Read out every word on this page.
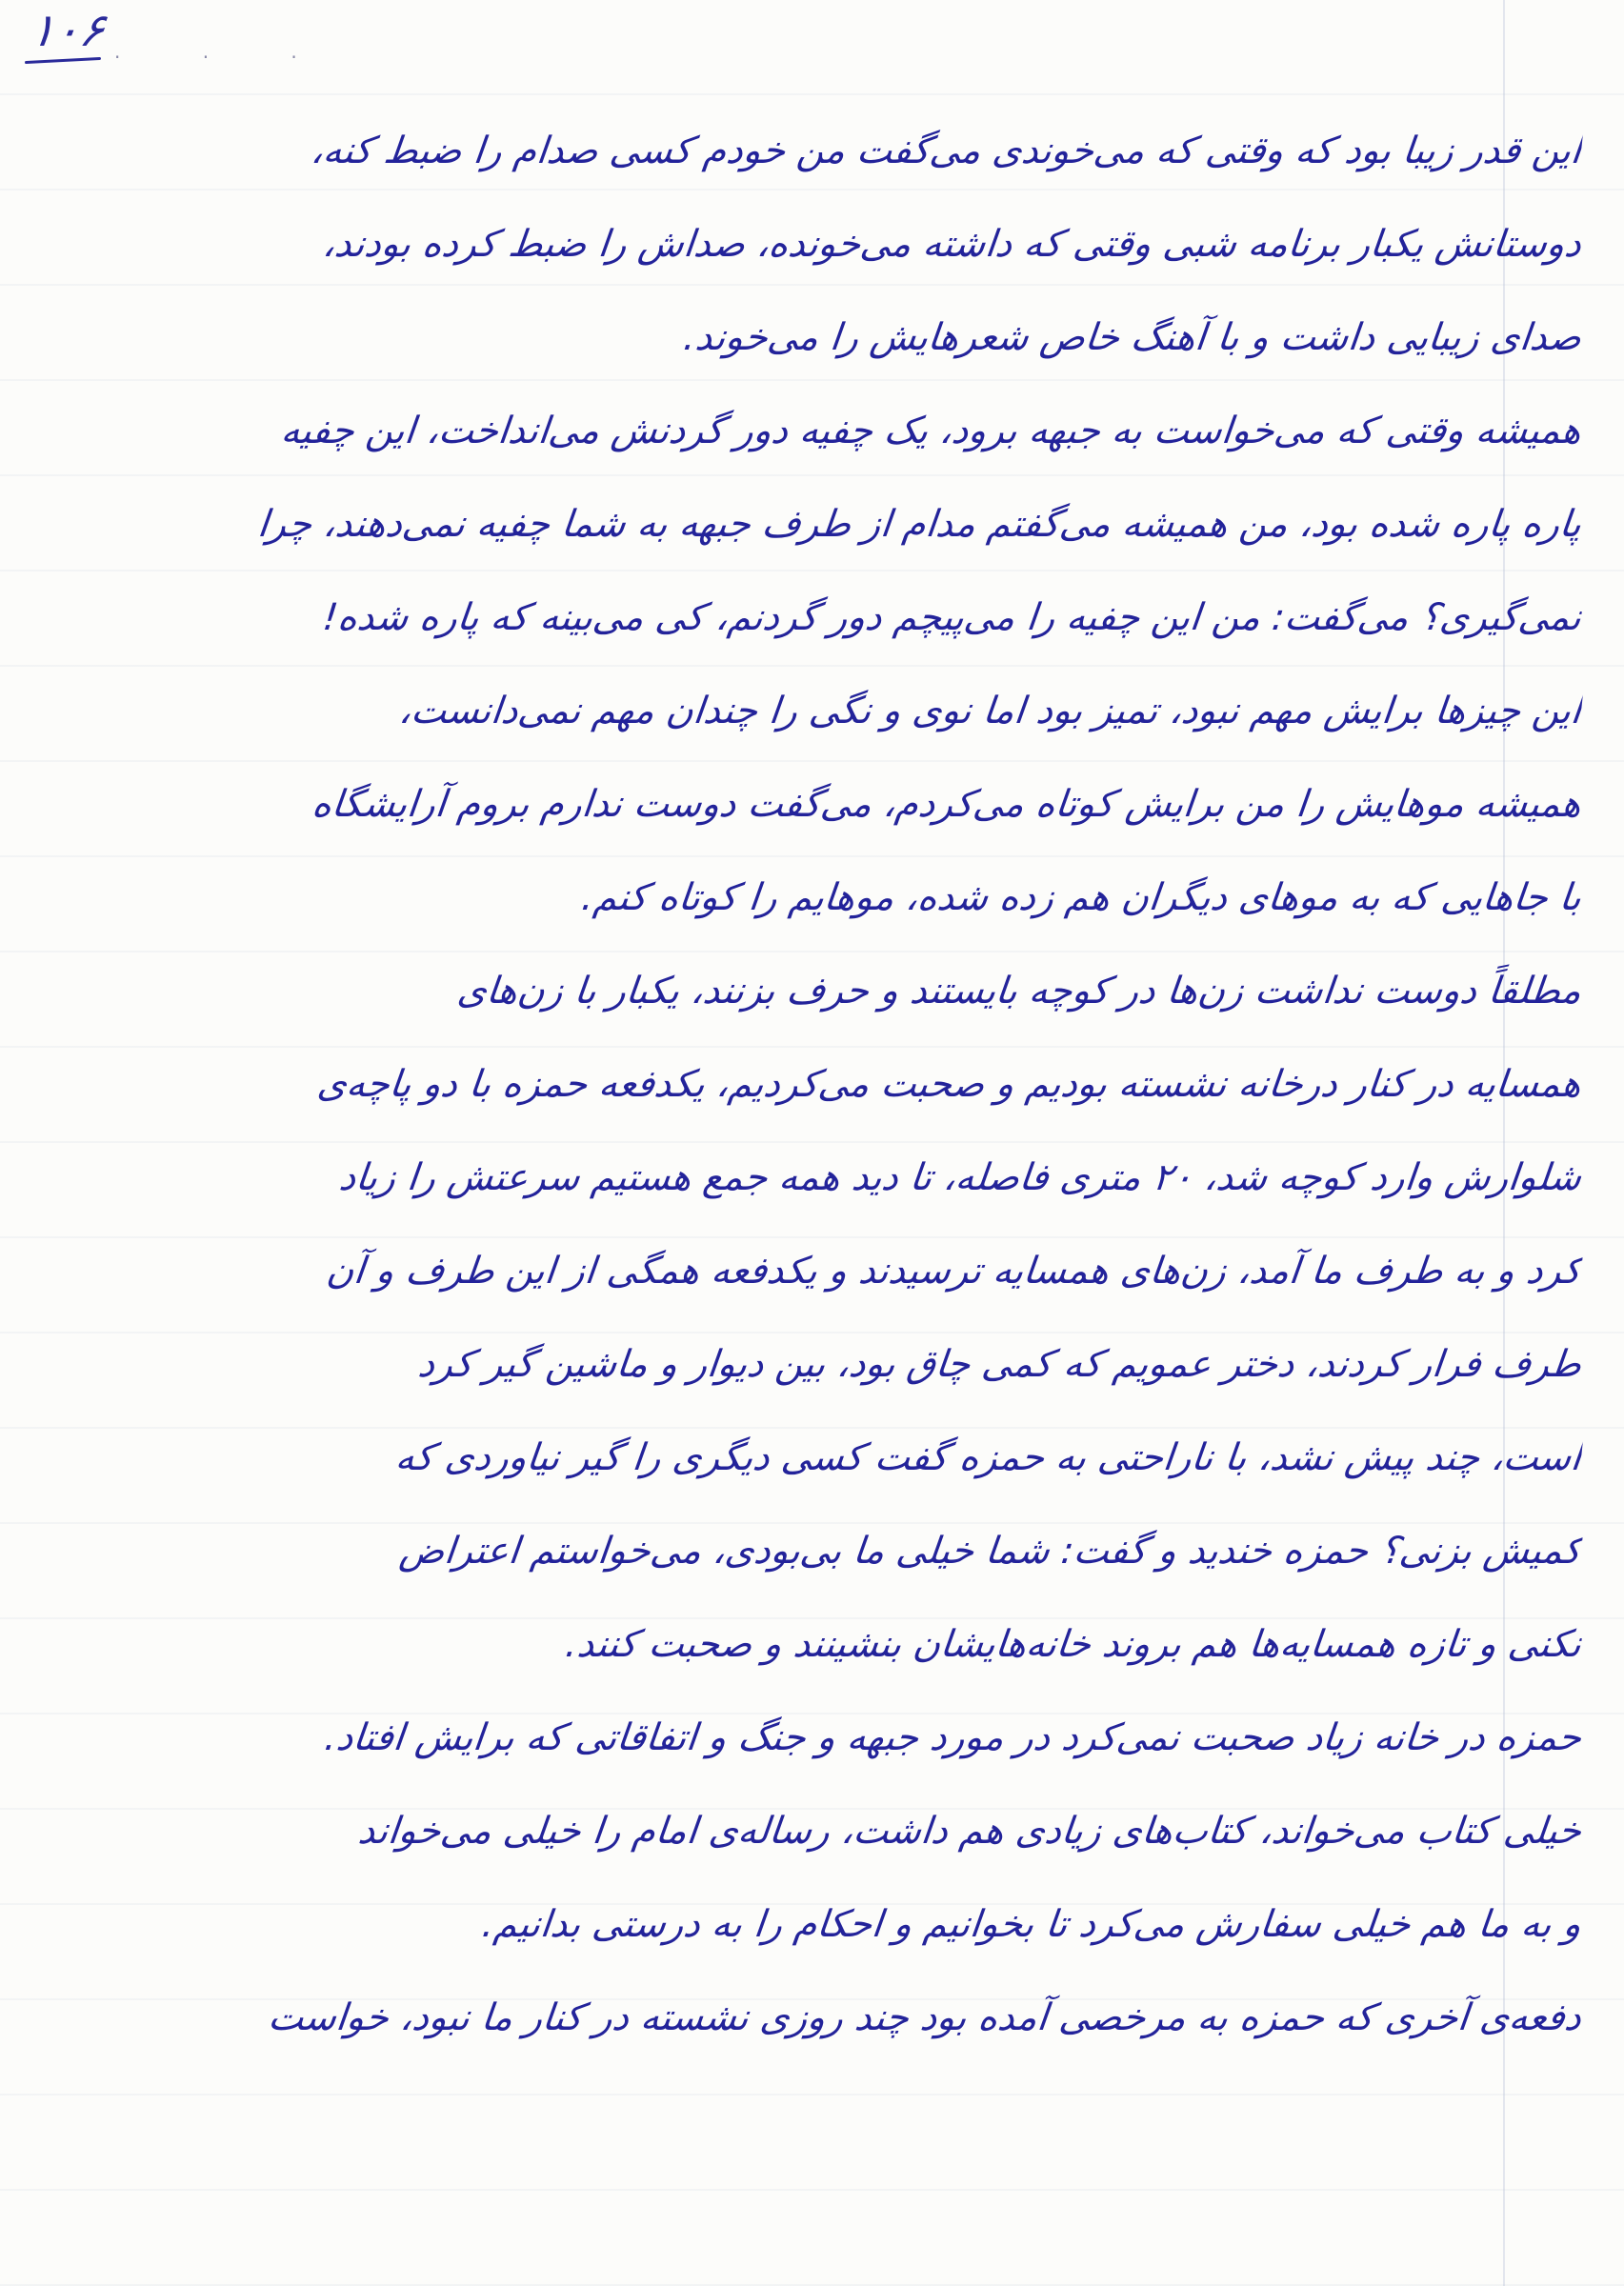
۱۰۶ · · ·
این قدر زیبا بود که وقتی که می‌خوندی می‌گفت من خودم کسی صدام را ضبط کنه،
دوستانش یکبار برنامه شبی وقتی که داشته می‌خونده، صداش را ضبط کرده بودند،
صدای زیبایی داشت و با آهنگ خاص شعرهایش را می‌خوند.
همیشه وقتی که می‌خواست به جبهه برود، یک چفیه دور گردنش می‌انداخت، این چفیه
پاره پاره شده بود، من همیشه می‌گفتم مدام از طرف جبهه به شما چفیه نمی‌دهند، چرا
نمی‌گیری؟ می‌گفت: من این چفیه را می‌پیچم دور گردنم، کی می‌بینه که پاره شده!
این چیزها برایش مهم نبود، تمیز بود اما نوی و نگی را چندان مهم نمی‌دانست،
همیشه موهایش را من برایش کوتاه می‌کردم، می‌گفت دوست ندارم بروم آرایشگاه
با جاهایی که به موهای دیگران هم زده شده، موهایم را کوتاه کنم.
مطلقاً دوست نداشت زن‌ها در کوچه بایستند و حرف بزنند، یکبار با زن‌های
همسایه در کنار درخانه نشسته بودیم و صحبت می‌کردیم، یکدفعه حمزه با دو پاچه‌ی
شلوارش وارد کوچه شد، ۲۰ متری فاصله، تا دید همه جمع هستیم سرعتش را زیاد
کرد و به طرف ما آمد، زن‌های همسایه ترسیدند و یکدفعه همگی از این طرف و آن
طرف فرار کردند، دختر عمویم که کمی چاق بود، بین دیوار و ماشین گیر کرد
است، چند پیش نشد، با ناراحتی به حمزه گفت کسی دیگری را گیر نیاوردی که
کمیش بزنی؟ حمزه خندید و گفت: شما خیلی ما بی‌بودی، می‌خواستم اعتراض
نکنی و تازه همسایه‌ها هم بروند خانه‌هایشان بنشینند و صحبت کنند.
حمزه در خانه زیاد صحبت نمی‌کرد در مورد جبهه و جنگ و اتفاقاتی که برایش افتاد.
خیلی کتاب می‌خواند، کتاب‌های زیادی هم داشت، رساله‌ی امام را خیلی می‌خواند
و به ما هم خیلی سفارش می‌کرد تا بخوانیم و احکام را به درستی بدانیم.
دفعه‌ی آخری که حمزه به مرخصی آمده بود چند روزی نشسته در کنار ما نبود، خواست
